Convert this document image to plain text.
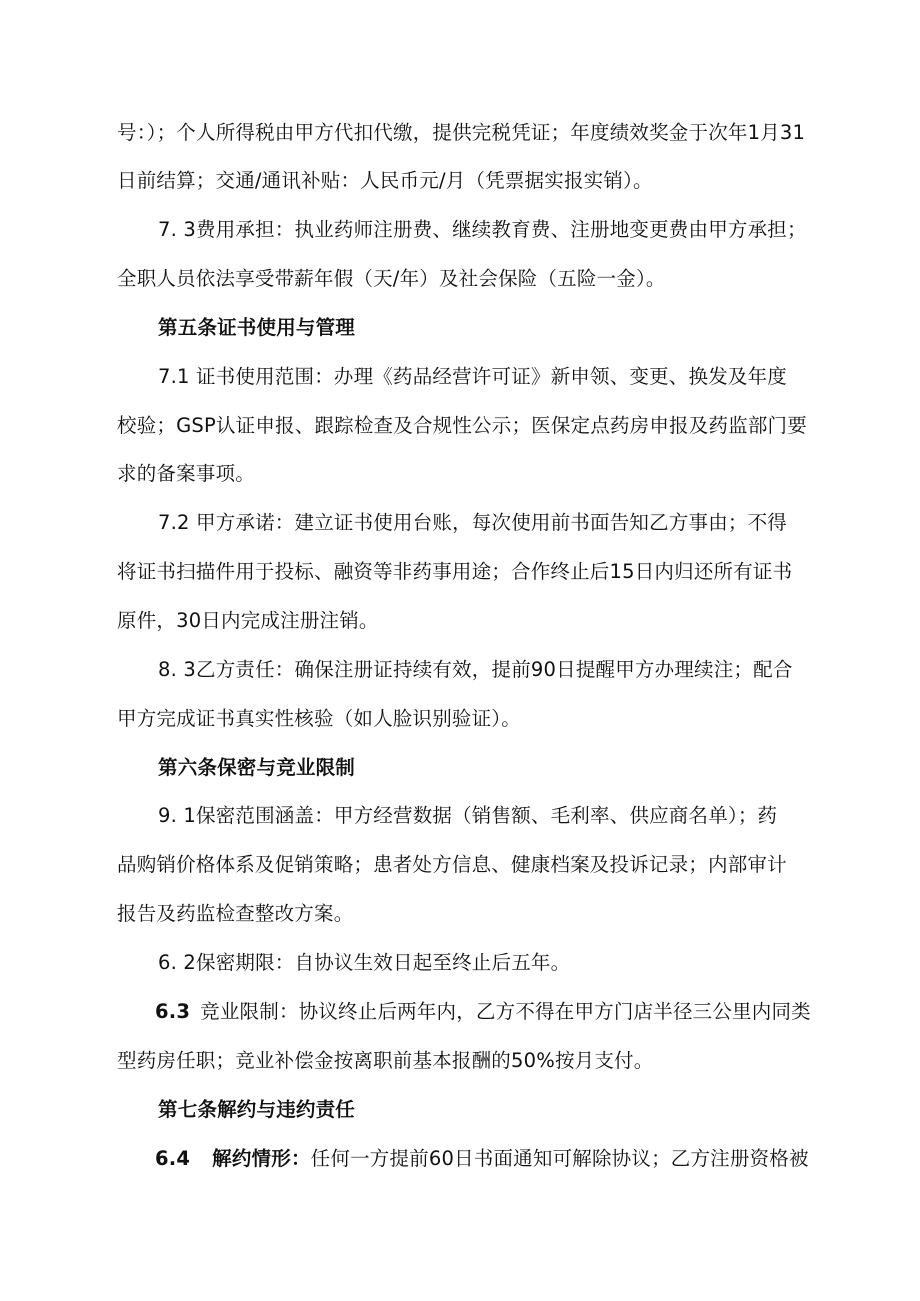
号：）；个人所得税由甲方代扣代缴，提供完税凭证；年度绩效奖金于次年1月31
日前结算；交通/通讯补贴：人民币元/月（凭票据实报实销）。
7. 3费用承担：执业药师注册费、继续教育费、注册地变更费由甲方承担；
全职人员依法享受带薪年假（天/年）及社会保险（五险一金）。
第五条证书使用与管理
7.1 证书使用范围：办理《药品经营许可证》新申领、变更、换发及年度
校验；GSP认证申报、跟踪检查及合规性公示；医保定点药房申报及药监部门要
求的备案事项。
7.2 甲方承诺：建立证书使用台账，每次使用前书面告知乙方事由；不得
将证书扫描件用于投标、融资等非药事用途；合作终止后15日内归还所有证书
原件，30日内完成注册注销。
8. 3乙方责任：确保注册证持续有效，提前90日提醒甲方办理续注；配合
甲方完成证书真实性核验（如人脸识别验证）。
第六条保密与竞业限制
9. 1保密范围涵盖：甲方经营数据（销售额、毛利率、供应商名单）；药
品购销价格体系及促销策略；患者处方信息、健康档案及投诉记录；内部审计
报告及药监检查整改方案。
6. 2保密期限：自协议生效日起至终止后五年。
6.3 竞业限制：协议终止后两年内，乙方不得在甲方门店半径三公里内同类
型药房任职；竞业补偿金按离职前基本报酬的50%按月支付。
第七条解约与违约责任
6.4 解约情形：任何一方提前60日书面通知可解除协议；乙方注册资格被
